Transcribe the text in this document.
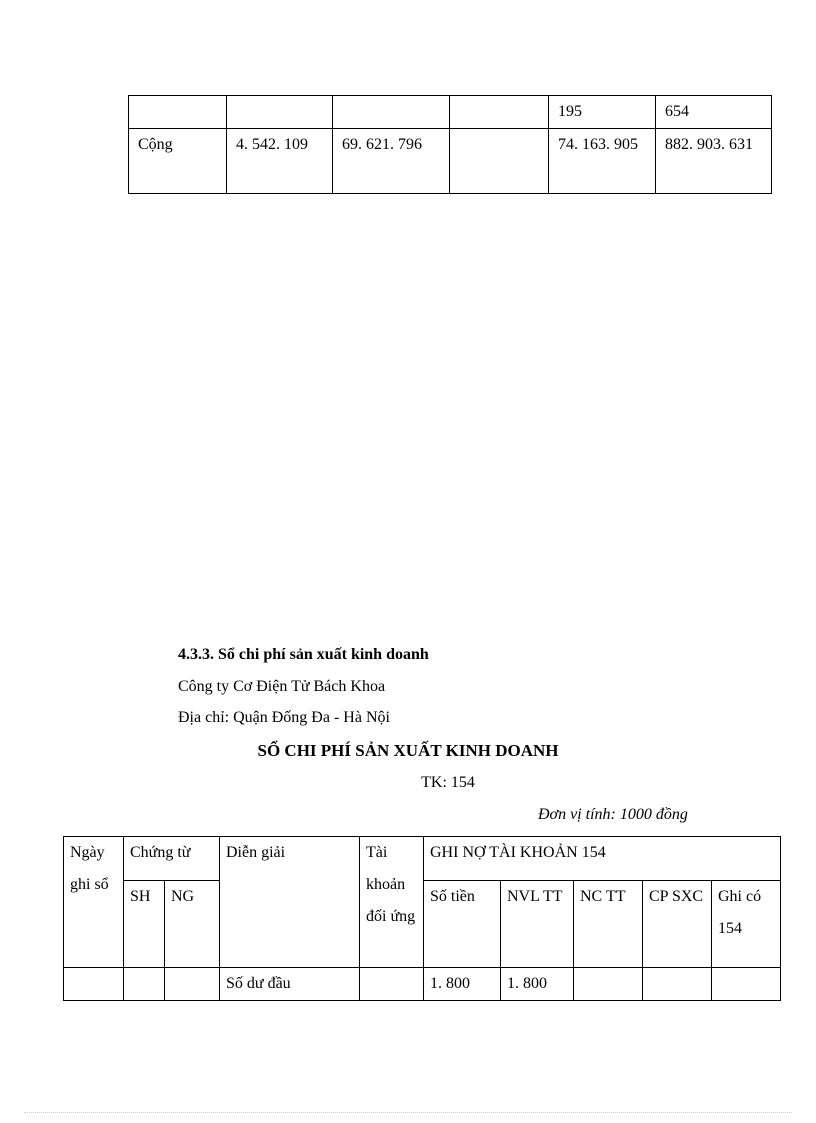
				195	654
Cộng	4. 542. 109	69. 621. 796		74. 163. 905	882. 903. 631
4.3.3. Sổ chi phí sản xuất kinh doanh
Công ty Cơ Điện Tử Bách Khoa
Địa chỉ: Quận Đống Đa - Hà Nội
SỔ CHI PHÍ SẢN XUẤT KINH DOANH
TK: 154
Đơn vị tính: 1000 đồng
Ngày ghi sổ	Chứng từ		Diễn giải	Tài khoản đối ứng	GHI NỢ TÀI KHOẢN 154				
	SH	NG			Số tiền	NVL TT	NC TT	CP SXC	Ghi có 154
			Số dư đầu		1. 800	1. 800			
